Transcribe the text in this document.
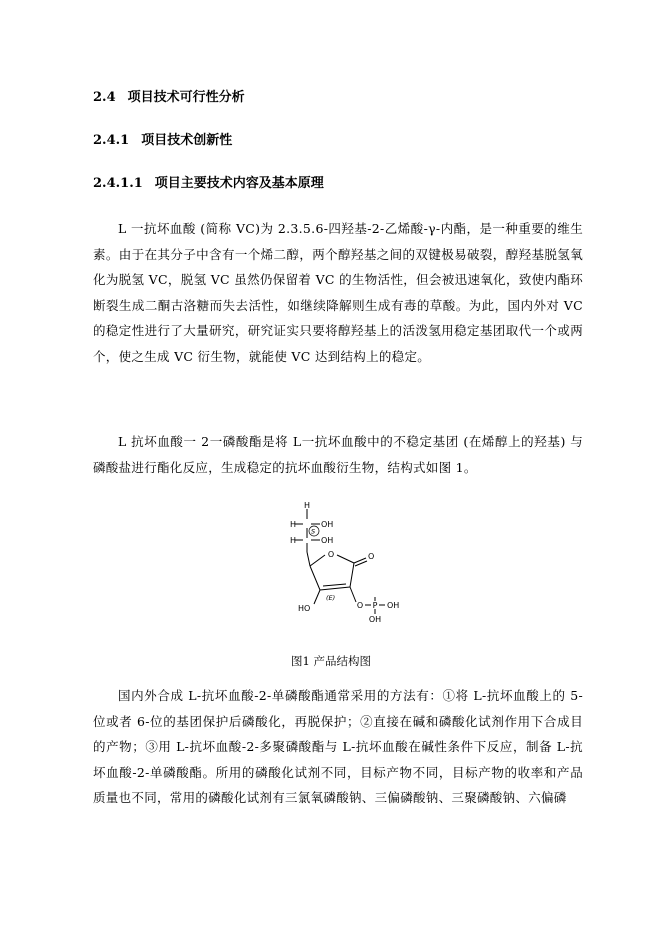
2.4 项目技术可行性分析
2.4.1 项目技术创新性
2.4.1.1 项目主要技术内容及基本原理
L 一抗坏血酸 (简称 VC)为 2.3.5.6-四羟基-2-乙烯酸-γ-内酯，是一种重要的维生素。由于在其分子中含有一个烯二醇，两个醇羟基之间的双键极易破裂，醇羟基脱氢氧化为脱氢 VC，脱氢 VC 虽然仍保留着 VC 的生物活性，但会被迅速氧化，致使内酯环断裂生成二酮古洛糖而失去活性，如继续降解则生成有毒的草酸。为此，国内外对 VC 的稳定性进行了大量研究，研究证实只要将醇羟基上的活泼氢用稳定基团取代一个或两个，使之生成 VC 衍生物，就能使 VC 达到结构上的稳定。
L 抗坏血酸一 2一磷酸酯是将 L一抗坏血酸中的不稳定基团 (在烯醇上的羟基) 与磷酸盐进行酯化反应，生成稳定的抗坏血酸衍生物，结构式如图 1。
H
H
H
S
OH
OH
O	O
(E)
HO	O P OH
OH
图1 产品结构图
国内外合成 L-抗坏血酸-2-单磷酸酯通常采用的方法有：①将 L-抗坏血酸上的 5-位或者 6-位的基团保护后磷酸化，再脱保护；②直接在碱和磷酸化试剂作用下合成目的产物；③用 L-抗坏血酸-2-多聚磷酸酯与 L-抗坏血酸在碱性条件下反应，制备 L-抗坏血酸-2-单磷酸酯。所用的磷酸化试剂不同，目标产物不同，目标产物的收率和产品质量也不同，常用的磷酸化试剂有三氯氧磷酸钠、三偏磷酸钠、三聚磷酸钠、六偏磷
